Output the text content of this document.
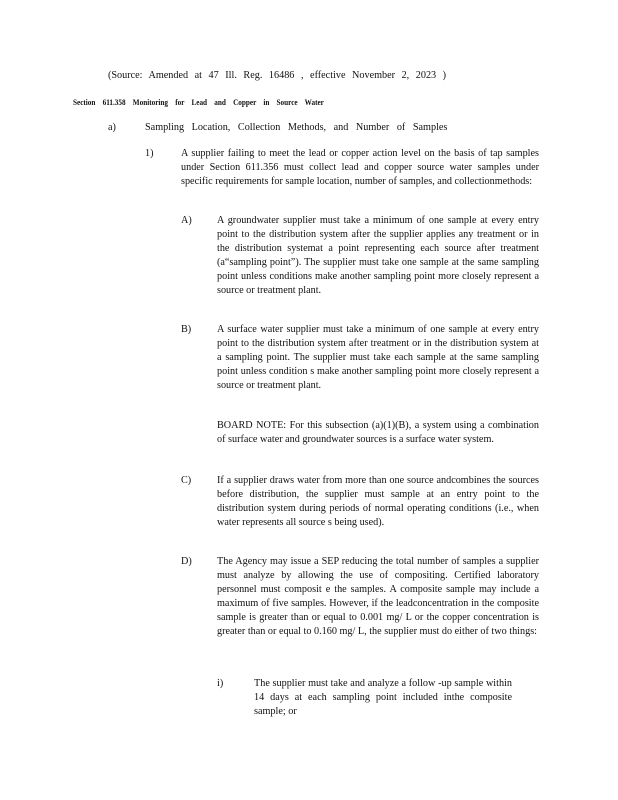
(Source: Amended at 47 Ill. Reg. 16486 , effective November 2, 2023 )
Section 611.358 Monitoring for Lead and Copper in Source Water
a)	Sampling Location, Collection Methods, and Number of Samples
1)	A supplier failing to meet the lead or copper action level on the basis of tap samples under Section 611.356 must collect lead and copper source water samples under specific requirements for sample location, number of samples, and collectionmethods:

A) A groundwater supplier must take a minimum of one sample at every entry point to the distribution system after the supplier applies any treatment or in the distribution systemat a point representing each source after treatment (a“sampling point”). The supplier must take one sample at the same sampling point unless conditions make another sampling point more closely represent a source or treatment plant.

B)	A surface water supplier must take a minimum of one sample at every entry point to the distribution system after treatment or in the distribution system at a sampling point. The supplier must take each sample at the same sampling point unless condition s make another sampling point more closely represent a source or treatment plant.

BOARD NOTE: For this subsection (a)(1)(B), a system using a combination of surface water and groundwater sources is a surface water system.

C)	If a supplier draws water from more than one source andcombines the sources before distribution, the supplier must sample at an entry point to the distribution system during periods of normal operating conditions (i.e., when water represents all source s being used).

D) The Agency may issue a SEP reducing the total number of samples a supplier must analyze by allowing the use of compositing. Certified laboratory personnel must composit e the samples. A composite sample may include a maximum of five samples. However, if the leadconcentration in the composite sample is greater than or equal to 0.001 mg/ L or the copper concentration is greater than or equal to 0.160 mg/ L, the supplier must do either of two things:

i)	The supplier must take and analyze a follow -up sample within 14 days at each sampling point included inthe composite sample; or
